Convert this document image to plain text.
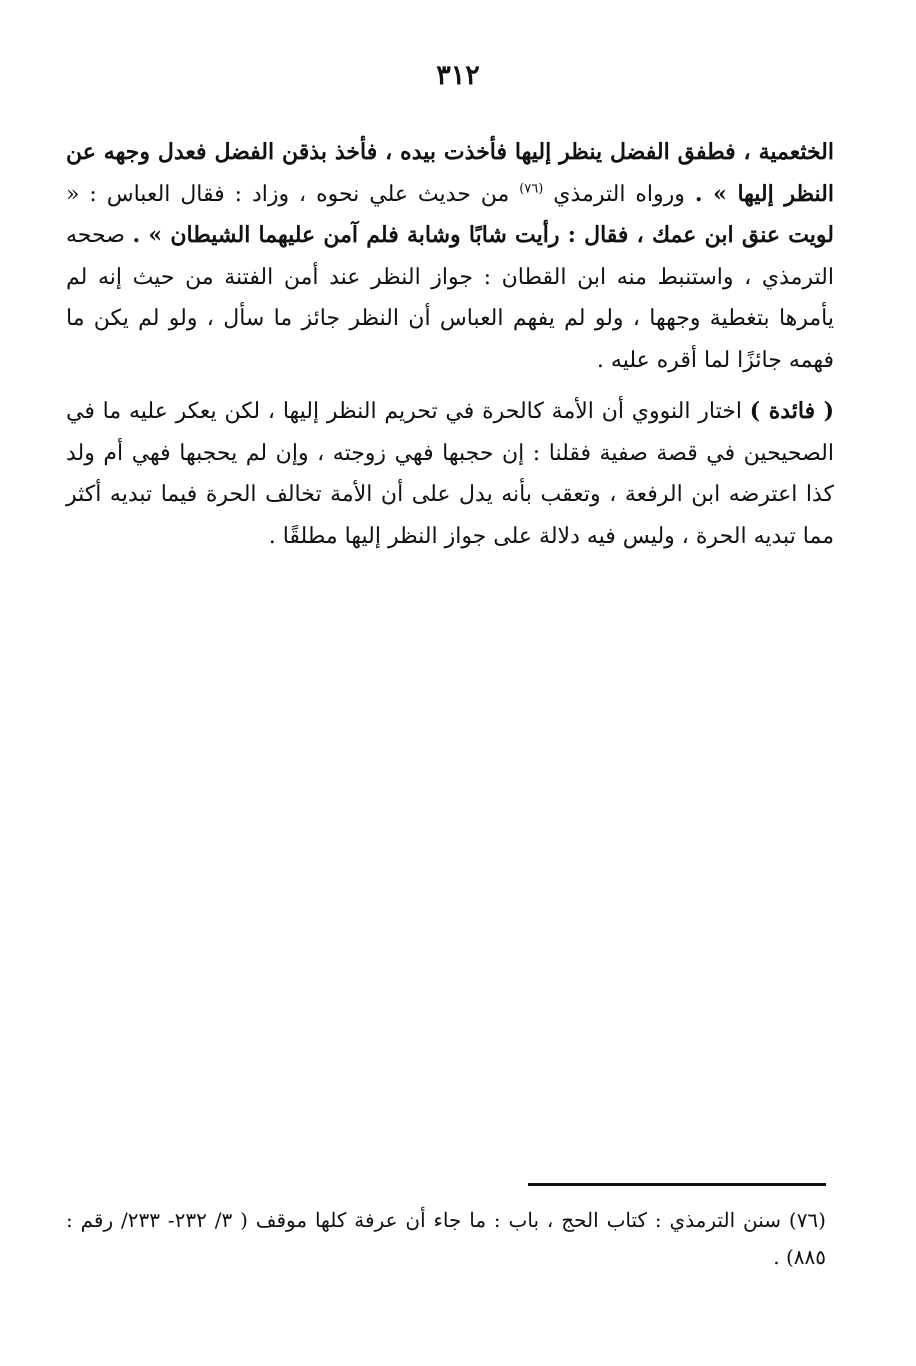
٣١٢

الخثعمية ، فطفق الفضل ينظر إليها فأخذت بيده ، فأخذ بذقن الفضل فعدل وجهه عن النظر إليها » . ورواه الترمذي $^{(٧٦)}$ من حديث علي نحوه ، وزاد : فقال العباس : « لويت عنق ابن عمك ، فقال : رأيت شابًا وشابة فلم آمن عليهما الشيطان » . صححه الترمذي ، واستنبط منه ابن القطان : جواز النظر عند أمن الفتنة من حيث إنه لم يأمرها بتغطية وجهها ، ولو لم يفهم العباس أن النظر جائز ما سأل ، ولو لم يكن ما فهمه جائزًا لما أقره عليه .

( فائدة ) اختار النووي أن الأمة كالحرة في تحريم النظر إليها ، لكن يعكر عليه ما في الصحيحين في قصة صفية فقلنا : إن حجبها فهي زوجته ، وإن لم يحجبها فهي أم ولد كذا اعترضه ابن الرفعة ، وتعقب بأنه يدل على أن الأمة تخالف الحرة فيما تبديه أكثر مما تبديه الحرة ، وليس فيه دلالة على جواز النظر إليها مطلقًا .

(٧٦) سنن الترمذي : كتاب الحج ، باب : ما جاء أن عرفة كلها موقف ( ٣/ ٢٣٢- ٢٣٣/ رقم : ٨٨٥) .
